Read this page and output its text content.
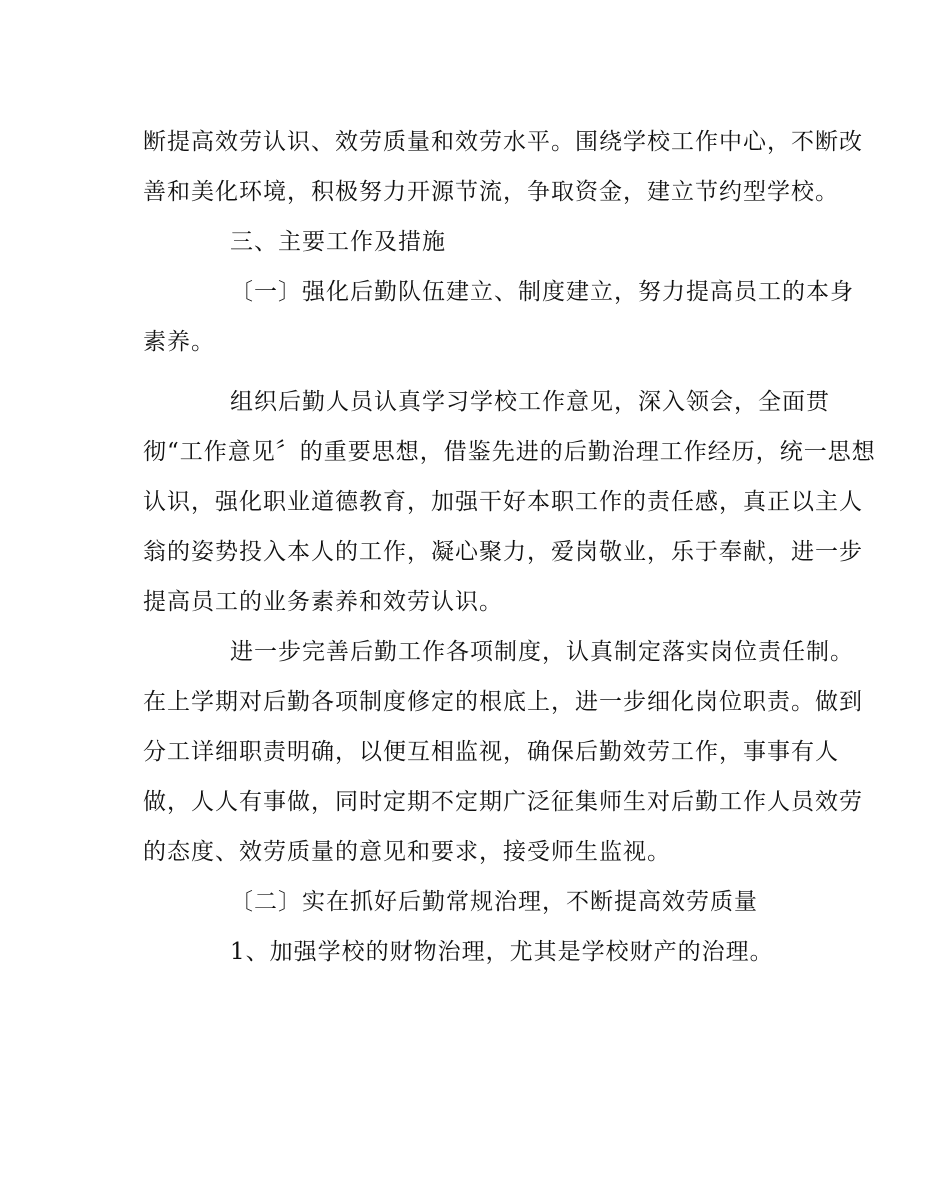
断提高效劳认识、效劳质量和效劳水平。围绕学校工作中心，不断改
善和美化环境，积极努力开源节流，争取资金，建立节约型学校。
三、主要工作及措施
〔一〕强化后勤队伍建立、制度建立，努力提高员工的本身
素养。
组织后勤人员认真学习学校工作意见，深入领会，全面贯
彻“工作意见〞的重要思想，借鉴先进的后勤治理工作经历，统一思想
认识，强化职业道德教育，加强干好本职工作的责任感，真正以主人
翁的姿势投入本人的工作，凝心聚力，爱岗敬业，乐于奉献，进一步
提高员工的业务素养和效劳认识。
进一步完善后勤工作各项制度，认真制定落实岗位责任制。
在上学期对后勤各项制度修定的根底上，进一步细化岗位职责。做到
分工详细职责明确，以便互相监视，确保后勤效劳工作，事事有人
做，人人有事做，同时定期不定期广泛征集师生对后勤工作人员效劳
的态度、效劳质量的意见和要求，接受师生监视。
〔二〕实在抓好后勤常规治理，不断提高效劳质量
1、加强学校的财物治理，尤其是学校财产的治理。
